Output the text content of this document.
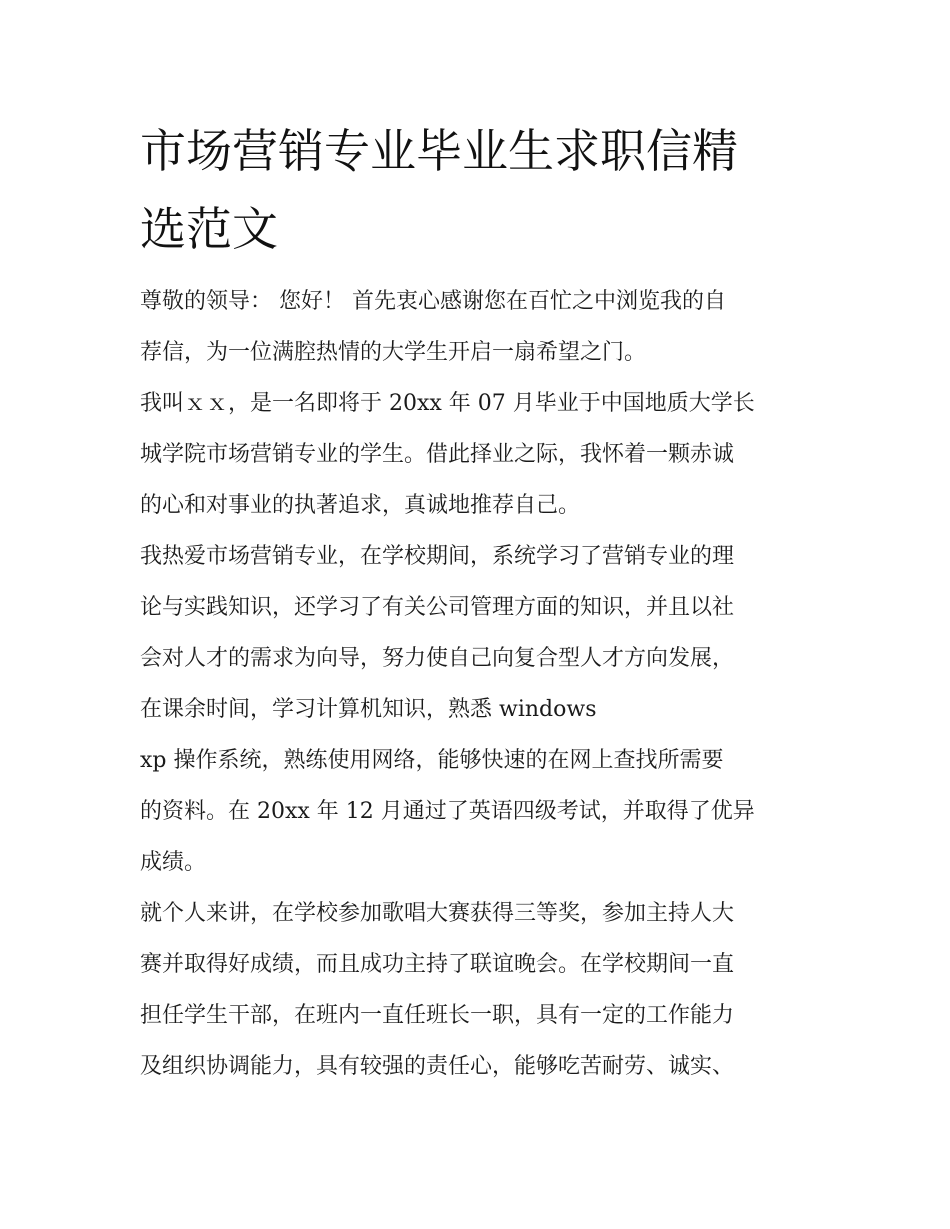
市场营销专业毕业生求职信精
选范文

尊敬的领导： 您好！ 首先衷心感谢您在百忙之中浏览我的自
荐信，为一位满腔热情的大学生开启一扇希望之门。

我叫ｘｘ，是一名即将于 20xx 年 07 月毕业于中国地质大学长
城学院市场营销专业的学生。借此择业之际，我怀着一颗赤诚
的心和对事业的执著追求，真诚地推荐自己。

我热爱市场营销专业，在学校期间，系统学习了营销专业的理
论与实践知识，还学习了有关公司管理方面的知识，并且以社
会对人才的需求为向导，努力使自己向复合型人才方向发展，
在课余时间，学习计算机知识，熟悉 windows
xp 操作系统，熟练使用网络，能够快速的在网上查找所需要
的资料。在 20xx 年 12 月通过了英语四级考试，并取得了优异
成绩。

就个人来讲，在学校参加歌唱大赛获得三等奖，参加主持人大
赛并取得好成绩，而且成功主持了联谊晚会。在学校期间一直
担任学生干部，在班内一直任班长一职，具有一定的工作能力
及组织协调能力，具有较强的责任心，能够吃苦耐劳、诚实、
